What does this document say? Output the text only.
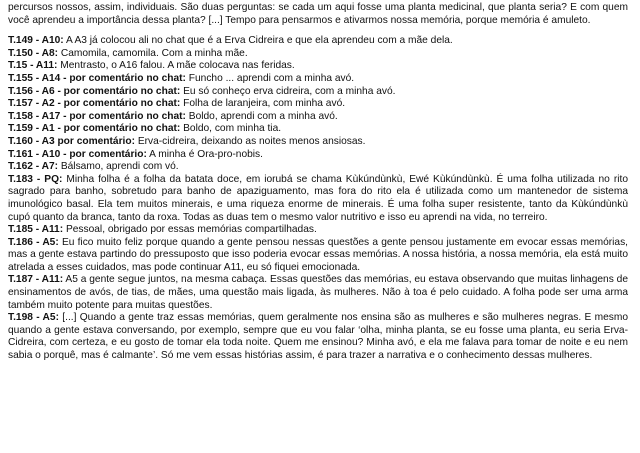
percursos nossos, assim, individuais. São duas perguntas: se cada um aqui fosse uma planta medicinal, que planta seria? E com quem você aprendeu a importância dessa planta? [...] Tempo para pensarmos e ativarmos nossa memória, porque memória é amuleto.

T.149 - A10: A A3 já colocou ali no chat que é a Erva Cidreira e que ela aprendeu com a mãe dela.

T.150 - A8: Camomila, camomila. Com a minha mãe.

T.15 - A11: Mentrasto, o A16 falou. A mãe colocava nas feridas.

T.155 - A14 - por comentário no chat: Funcho ... aprendi com a minha avó.

T.156 - A6 - por comentário no chat: Eu só conheço erva cidreira, com a minha avó.

T.157 - A2 - por comentário no chat: Folha de laranjeira, com minha avó.

T.158 - A17 - por comentário no chat: Boldo, aprendi com a minha avó.

T.159 - A1 - por comentário no chat: Boldo, com minha tia.

T.160 - A3 por comentário: Erva-cidreira, deixando as noites menos ansiosas.

T.161 - A10 - por comentário: A minha é Ora-pro-nobis.

T.162 - A7: Bálsamo, aprendi com vó.

T.183 - PQ: Minha folha é a folha da batata doce, em iorubá se chama Kùkúndùnkù, Ewé Kùkúndùnkù. É uma folha utilizada no rito sagrado para banho, sobretudo para banho de apaziguamento, mas fora do rito ela é utilizada como um mantenedor de sistema imunológico basal. Ela tem muitos minerais, e uma riqueza enorme de minerais. É uma folha super resistente, tanto da Kùkúndùnkù cupó quanto da branca, tanto da roxa. Todas as duas tem o mesmo valor nutritivo e isso eu aprendi na vida, no terreiro.

T.185 - A11: Pessoal, obrigado por essas memórias compartilhadas.

T.186 - A5: Eu fico muito feliz porque quando a gente pensou nessas questões a gente pensou justamente em evocar essas memórias, mas a gente estava partindo do pressuposto que isso poderia evocar essas memórias. A nossa história, a nossa memória, ela está muito atrelada a esses cuidados, mas pode continuar A11, eu só fiquei emocionada.

T.187 - A11: A5 a gente segue juntos, na mesma cabaça. Essas questões das memórias, eu estava observando que muitas linhagens de ensinamentos de avós, de tias, de mães, uma questão mais ligada, às mulheres. Não à toa é pelo cuidado. A folha pode ser uma arma também muito potente para muitas questões.

T.198 - A5: [...] Quando a gente traz essas memórias, quem geralmente nos ensina são as mulheres e são mulheres negras. E mesmo quando a gente estava conversando, por exemplo, sempre que eu vou falar ‘olha, minha planta, se eu fosse uma planta, eu seria Erva-Cidreira, com certeza, e eu gosto de tomar ela toda noite. Quem me ensinou? Minha avó, e ela me falava para tomar de noite e eu nem sabia o porquê, mas é calmante’. Só me vem essas histórias assim, é para trazer a narrativa e o conhecimento dessas mulheres.
